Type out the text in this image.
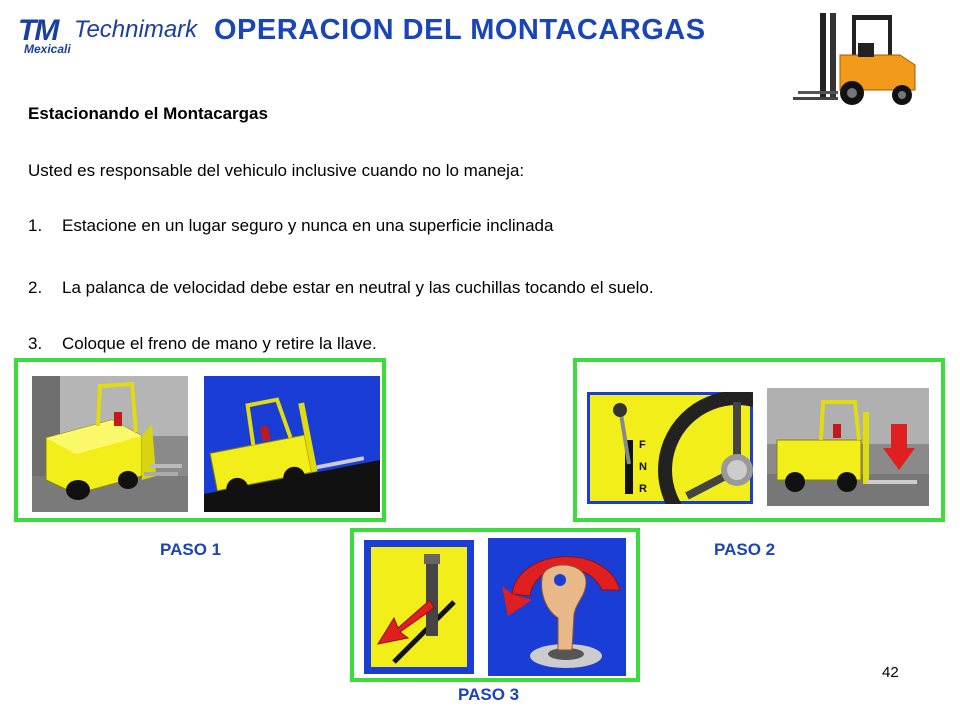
TM Technimark
Mexicali
OPERACION DEL MONTACARGAS
Estacionando el Montacargas
Usted es responsable del vehiculo inclusive cuando no lo maneja:
1. Estacione en un lugar seguro y nunca en una superficie inclinada
2. La palanca de velocidad debe estar en neutral y las cuchillas tocando el suelo.
3. Coloque el freno de mano y retire la llave.
F
N
R
PASO 1	PASO 2
PASO 3
42
